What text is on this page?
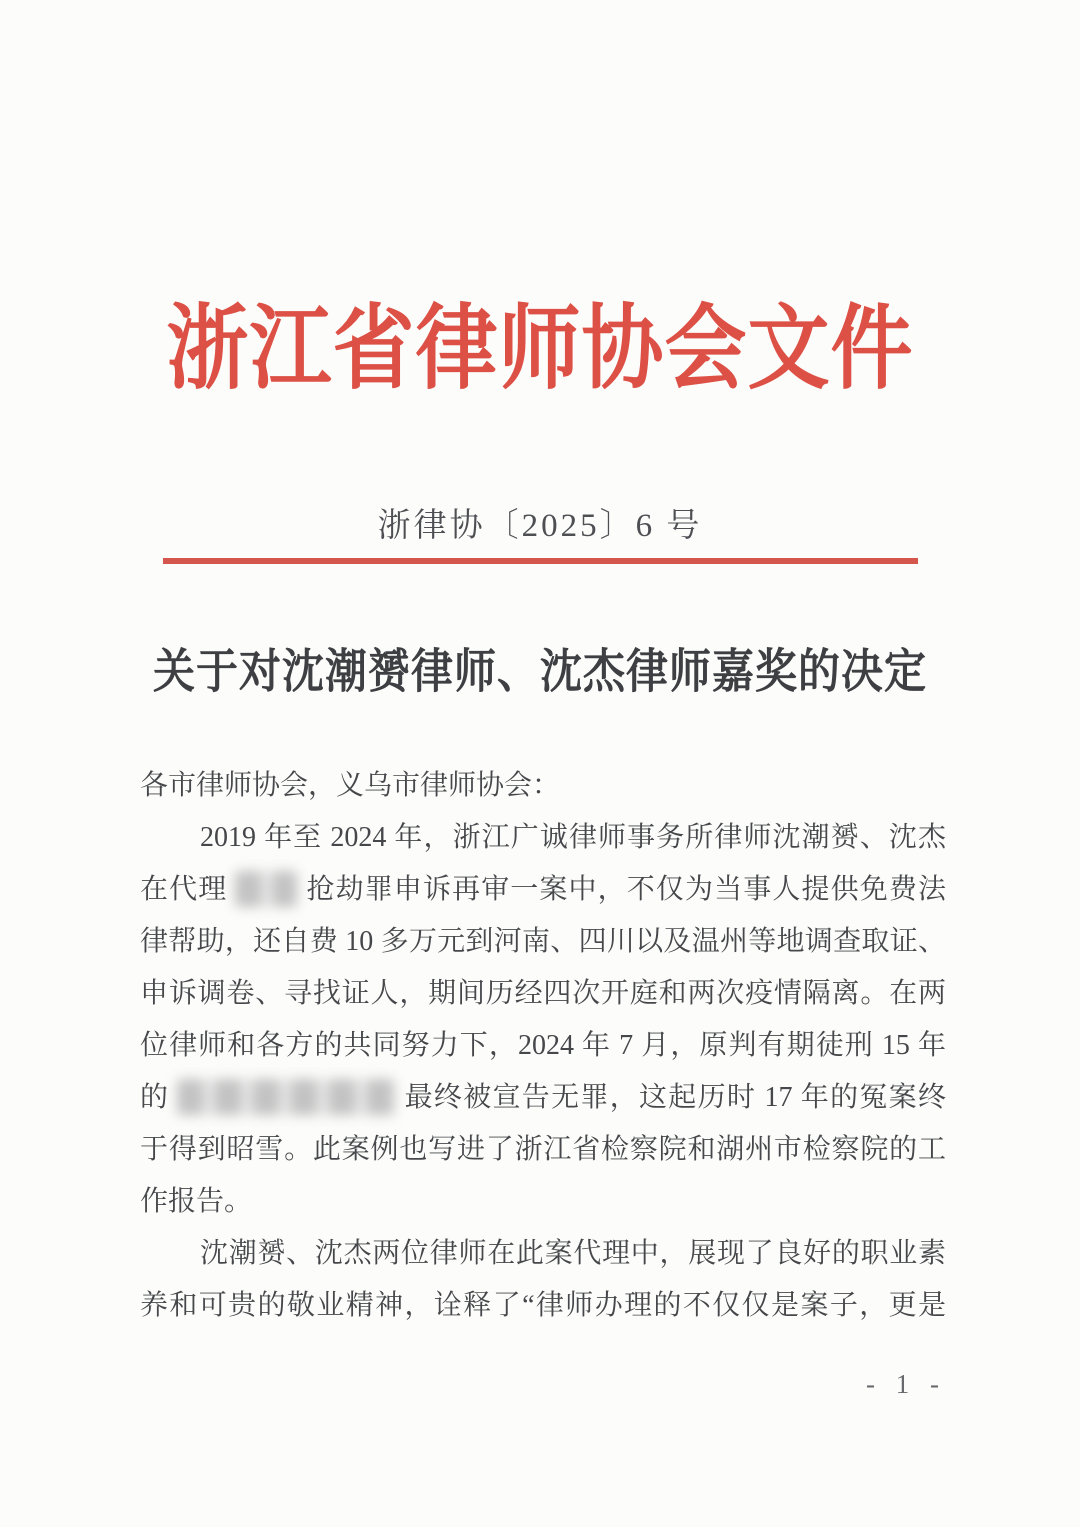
浙江省律师协会文件
浙律协〔2025〕6 号
关于对沈潮赟律师、沈杰律师嘉奖的决定
各市律师协会，义乌市律师协会：
2019 年至 2024 年，浙江广诚律师事务所律师沈潮赟、沈杰
在代理	抢劫罪申诉再审一案中，不仅为当事人提供免费法
律帮助，还自费 10 多万元到河南、四川以及温州等地调查取证、
申诉调卷、寻找证人，期间历经四次开庭和两次疫情隔离。在两
位律师和各方的共同努力下，2024 年 7 月，原判有期徒刑 15 年
的	最终被宣告无罪，这起历时 17 年的冤案终
于得到昭雪。此案例也写进了浙江省检察院和湖州市检察院的工
作报告。
沈潮赟、沈杰两位律师在此案代理中，展现了良好的职业素
养和可贵的敬业精神，诠释了“律师办理的不仅仅是案子，更是
- 1 -
